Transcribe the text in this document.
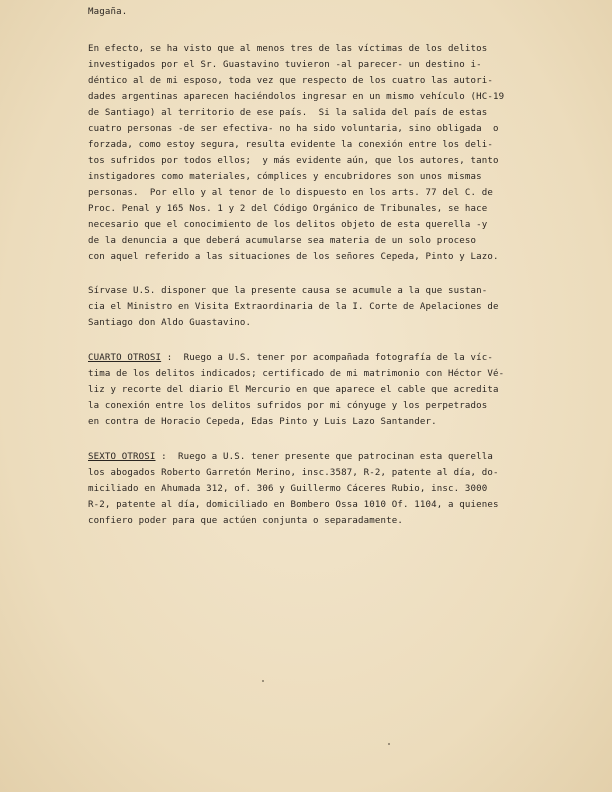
Magaña.
En efecto, se ha visto que al menos tres de las víctimas de los delitos
investigados por el Sr. Guastavino tuvieron -al parecer- un destino i-
déntico al de mi esposo, toda vez que respecto de los cuatro las autori-
dades argentinas aparecen haciéndolos ingresar en un mismo vehículo (HC-19
de Santiago) al territorio de ese país.  Si la salida del país de estas
cuatro personas -de ser efectiva- no ha sido voluntaria, sino obligada  o
forzada, como estoy segura, resulta evidente la conexión entre los deli-
tos sufridos por todos ellos;  y más evidente aún, que los autores, tanto
instigadores como materiales, cómplices y encubridores son unos mismas
personas.  Por ello y al tenor de lo dispuesto en los arts. 77 del C. de
Proc. Penal y 165 Nos. 1 y 2 del Código Orgánico de Tribunales, se hace
necesario que el conocimiento de los delitos objeto de esta querella -y
de la denuncia a que deberá acumularse sea materia de un solo proceso
con aquel referido a las situaciones de los señores Cepeda, Pinto y Lazo.
Sírvase U.S. disponer que la presente causa se acumule a la que sustan-
cia el Ministro en Visita Extraordinaria de la I. Corte de Apelaciones de
Santiago don Aldo Guastavino.
CUARTO OTROSI :  Ruego a U.S. tener por acompañada fotografía de la víc-
tima de los delitos indicados; certificado de mi matrimonio con Héctor Vé-
liz y recorte del diario El Mercurio en que aparece el cable que acredita
la conexión entre los delitos sufridos por mi cónyuge y los perpetrados
en contra de Horacio Cepeda, Edas Pinto y Luis Lazo Santander.
SEXTO OTROSI :  Ruego a U.S. tener presente que patrocinan esta querella
los abogados Roberto Garretón Merino, insc.3587, R-2, patente al día, do-
miciliado en Ahumada 312, of. 306 y Guillermo Cáceres Rubio, insc. 3000
R-2, patente al día, domiciliado en Bombero Ossa 1010 Of. 1104, a quienes
confiero poder para que actúen conjunta o separadamente.
